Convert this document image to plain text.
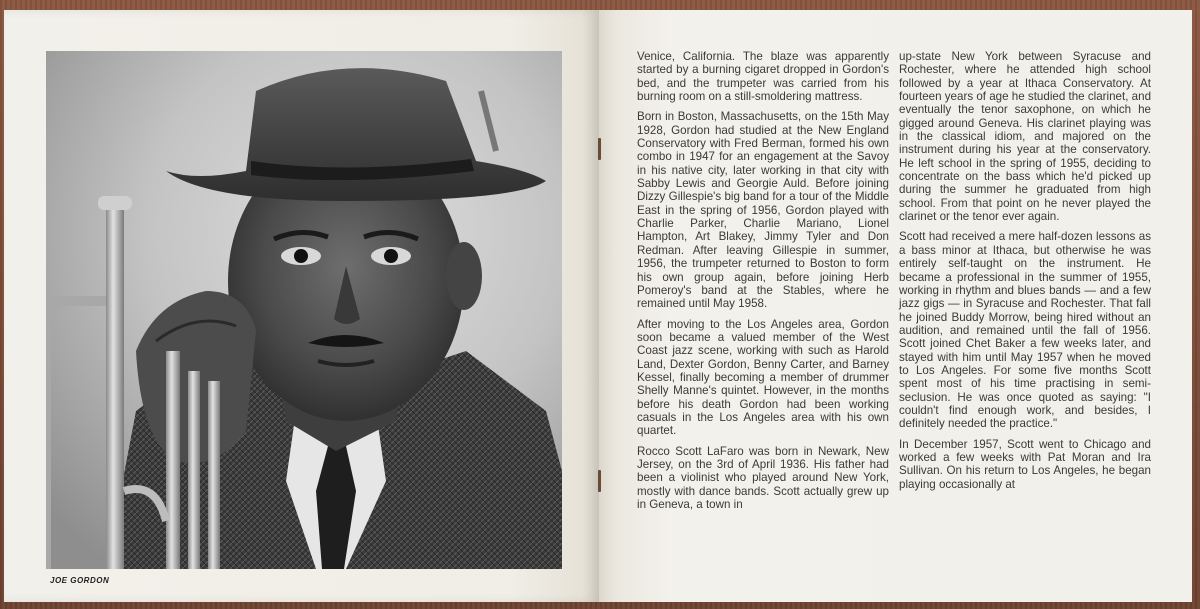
JOE GORDON

Venice, California. The blaze was apparently started by a burning cigaret dropped in Gordon's bed, and the trumpeter was carried from his burning room on a still-smoldering mattress.

Born in Boston, Massachusetts, on the 15th May 1928, Gordon had studied at the New England Conservatory with Fred Berman, formed his own combo in 1947 for an engagement at the Savoy in his native city, later working in that city with Sabby Lewis and Georgie Auld. Before joining Dizzy Gillespie's big band for a tour of the Middle East in the spring of 1956, Gordon played with Charlie Parker, Charlie Mariano, Lionel Hampton, Art Blakey, Jimmy Tyler and Don Redman. After leaving Gillespie in summer, 1956, the trumpeter returned to Boston to form his own group again, before joining Herb Pomeroy's band at the Stables, where he remained until May 1958.

After moving to the Los Angeles area, Gordon soon became a valued member of the West Coast jazz scene, working with such as Harold Land, Dexter Gordon, Benny Carter, and Barney Kessel, finally becoming a member of drummer Shelly Manne's quintet. However, in the months before his death Gordon had been working casuals in the Los Angeles area with his own quartet.

Rocco Scott LaFaro was born in Newark, New Jersey, on the 3rd of April 1936. His father had been a violinist who played around New York, mostly with dance bands. Scott actually grew up in Geneva, a town in

up-state New York between Syracuse and Rochester, where he attended high school followed by a year at Ithaca Conservatory. At fourteen years of age he studied the clarinet, and eventually the tenor saxophone, on which he gigged around Geneva. His clarinet playing was in the classical idiom, and majored on the instrument during his year at the conservatory. He left school in the spring of 1955, deciding to concentrate on the bass which he'd picked up during the summer he graduated from high school. From that point on he never played the clarinet or the tenor ever again.

Scott had received a mere half-dozen lessons as a bass minor at Ithaca, but otherwise he was entirely self-taught on the instrument. He became a professional in the summer of 1955, working in rhythm and blues bands — and a few jazz gigs — in Syracuse and Rochester. That fall he joined Buddy Morrow, being hired without an audition, and remained until the fall of 1956. Scott joined Chet Baker a few weeks later, and stayed with him until May 1957 when he moved to Los Angeles. For some five months Scott spent most of his time practising in semi-seclusion. He was once quoted as saying: "I couldn't find enough work, and besides, I definitely needed the practice."

In December 1957, Scott went to Chicago and worked a few weeks with Pat Moran and Ira Sullivan. On his return to Los Angeles, he began playing occasionally at
